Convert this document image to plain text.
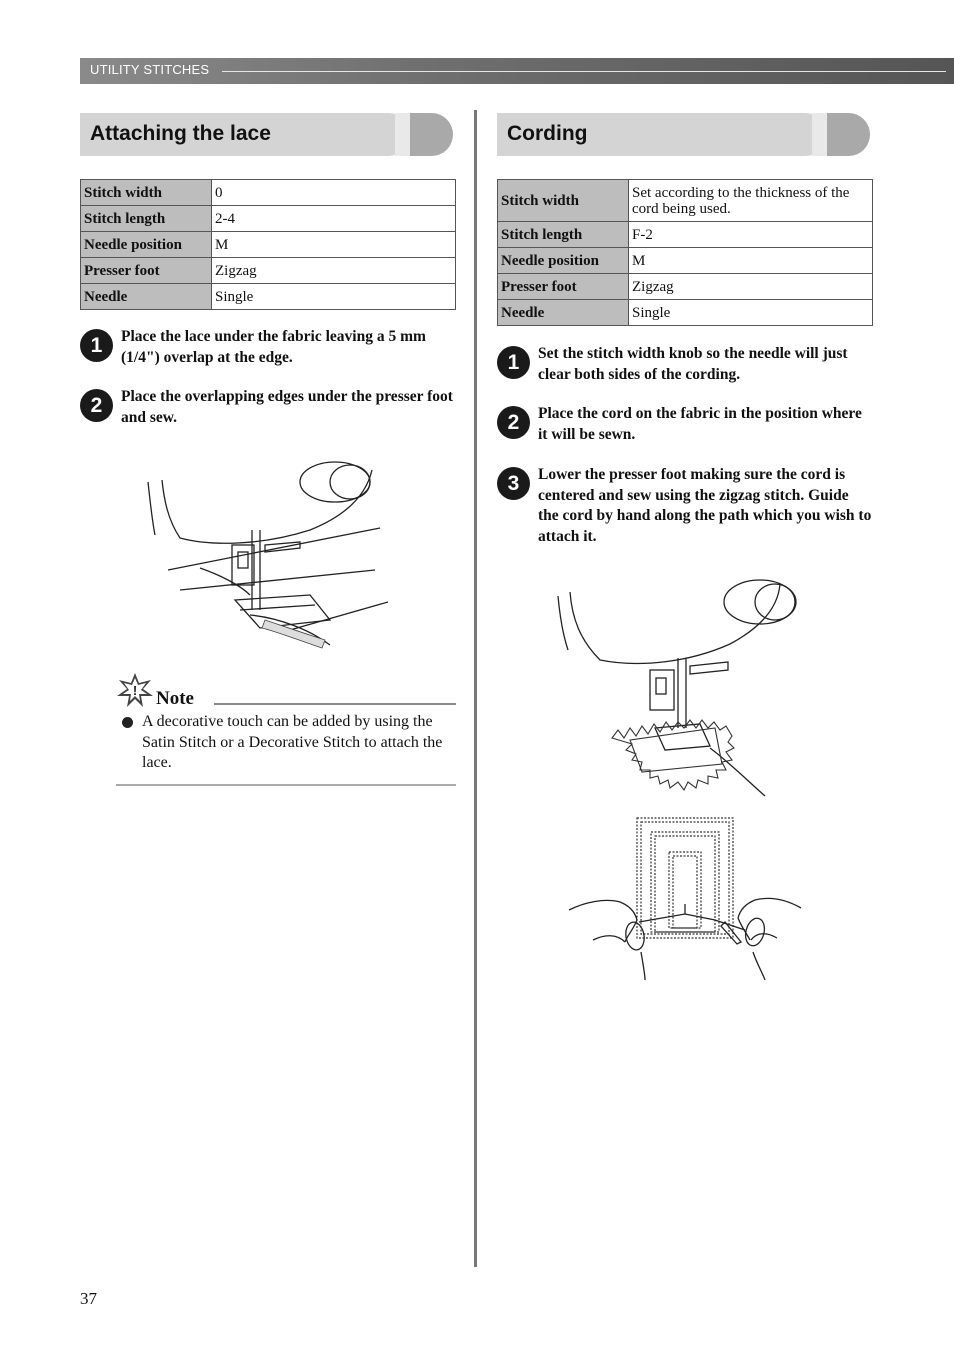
UTILITY STITCHES
Attaching the lace
Stitch width	0
Stitch length	2-4
Needle position	M
Presser foot	Zigzag
Needle	Single
1	Place the lace under the fabric leaving a 5 mm (1/4") overlap at the edge.
2	Place the overlapping edges under the presser foot and sew.
! Note
A decorative touch can be added by using the Satin Stitch or a Decorative Stitch to attach the lace.
Cording
Stitch width	Set according to the thickness of the cord being used.
Stitch length	F-2
Needle position	M
Presser foot	Zigzag
Needle	Single
1	Set the stitch width knob so the needle will just clear both sides of the cording.
2	Place the cord on the fabric in the position where it will be sewn.
3	Lower the presser foot making sure the cord is centered and sew using the zigzag stitch. Guide the cord by hand along the path which you wish to attach it.
37
